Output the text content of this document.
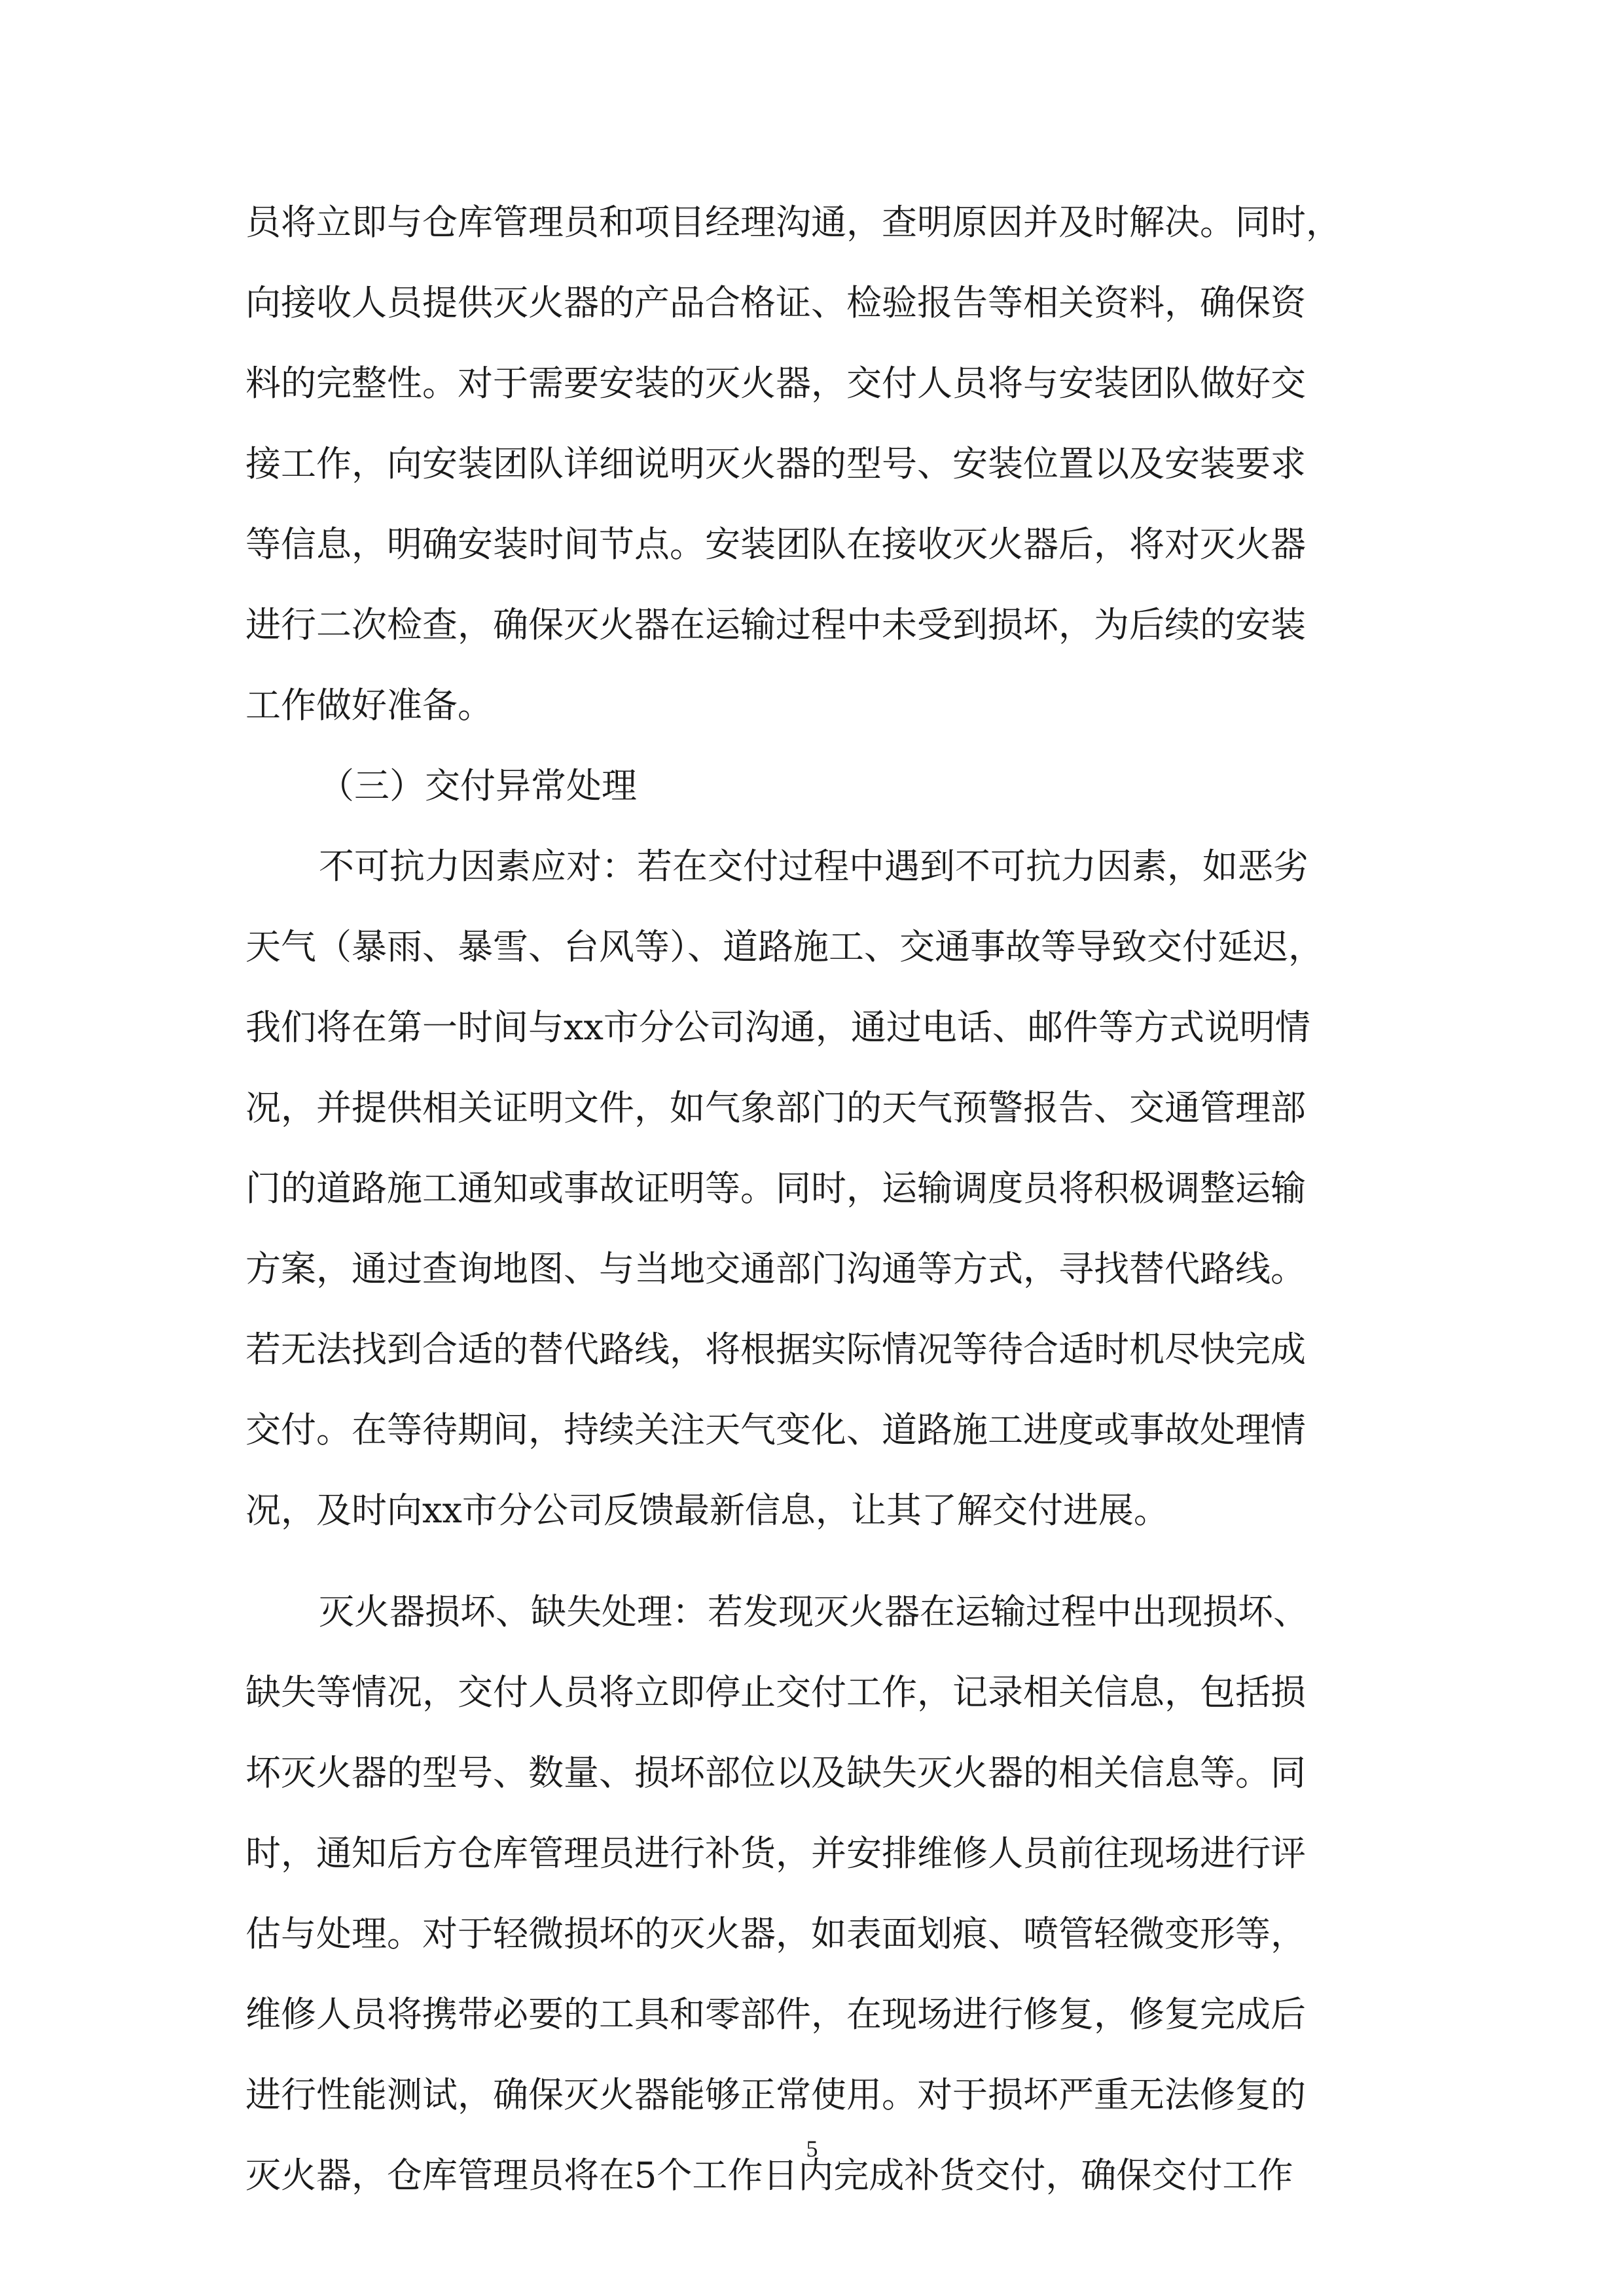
员将立即与仓库管理员和项目经理沟通，查明原因并及时解决。同时，
向接收人员提供灭火器的产品合格证、检验报告等相关资料，确保资
料的完整性。对于需要安装的灭火器，交付人员将与安装团队做好交
接工作，向安装团队详细说明灭火器的型号、安装位置以及安装要求
等信息，明确安装时间节点。安装团队在接收灭火器后，将对灭火器
进行二次检查，确保灭火器在运输过程中未受到损坏，为后续的安装
工作做好准备。
（三）交付异常处理
不可抗力因素应对：若在交付过程中遇到不可抗力因素，如恶劣
天气（暴雨、暴雪、台风等）、道路施工、交通事故等导致交付延迟，
我们将在第一时间与xx市分公司沟通，通过电话、邮件等方式说明情
况，并提供相关证明文件，如气象部门的天气预警报告、交通管理部
门的道路施工通知或事故证明等。同时，运输调度员将积极调整运输
方案，通过查询地图、与当地交通部门沟通等方式，寻找替代路线。
若无法找到合适的替代路线，将根据实际情况等待合适时机尽快完成
交付。在等待期间，持续关注天气变化、道路施工进度或事故处理情
况，及时向xx市分公司反馈最新信息，让其了解交付进展。
灭火器损坏、缺失处理：若发现灭火器在运输过程中出现损坏、
缺失等情况，交付人员将立即停止交付工作，记录相关信息，包括损
坏灭火器的型号、数量、损坏部位以及缺失灭火器的相关信息等。同
时，通知后方仓库管理员进行补货，并安排维修人员前往现场进行评
估与处理。对于轻微损坏的灭火器，如表面划痕、喷管轻微变形等，
维修人员将携带必要的工具和零部件，在现场进行修复，修复完成后
进行性能测试，确保灭火器能够正常使用。对于损坏严重无法修复的
灭火器，仓库管理员将在5个工作日内完成补货交付，确保交付工作
5
